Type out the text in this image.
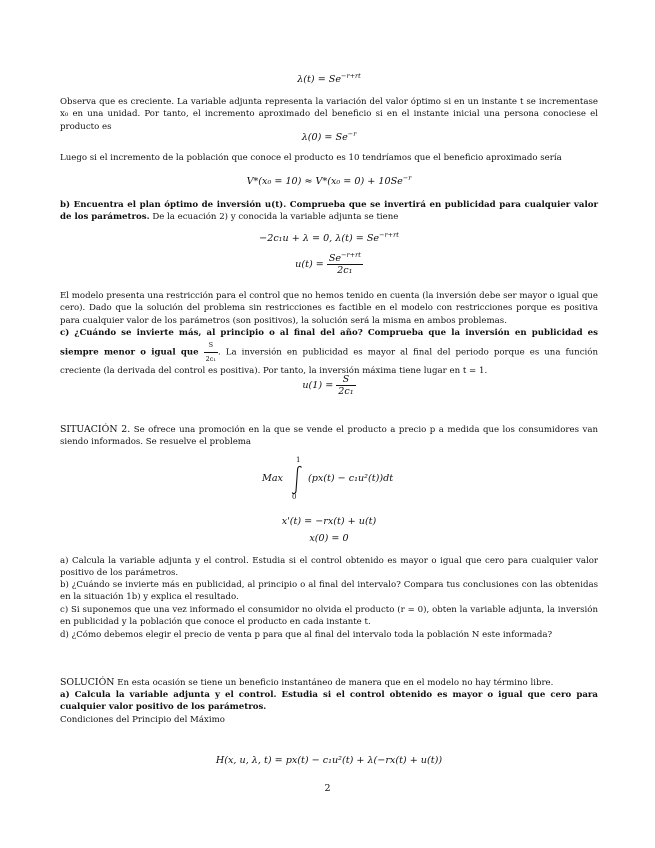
$\lambda(t) = Se^{-r+rt}$
Observa que es creciente. La variable adjunta representa la variación del valor óptimo si en un instante t se incrementase x₀ en una unidad. Por tanto, el incremento aproximado del beneficio si en el instante inicial una persona conociese el producto es
$\lambda(0) = Se^{-r}$
Luego si el incremento de la población que conoce el producto es 10 tendríamos que el beneficio aproximado sería
$V*(x_0 = 10) \approx V*(x_0 = 0) + 10Se^{-r}$
b) Encuentra el plan óptimo de inversión u(t). Comprueba que se invertirá en publicidad para cualquier valor de los parámetros. De la ecuación 2) y conocida la variable adjunta se tiene
−2c₁u + λ = 0, $\lambda(t) = Se^{-r+rt}$
$u(t) = \frac{Se^{-r+rt}}{\text{2c₁}}$
El modelo presenta una restricción para el control que no hemos tenido en cuenta (la inversión debe ser mayor o igual que cero). Dado que la solución del problema sin restricciones es factible en el modelo con restricciones porque es positiva para cualquier valor de los parámetros (son positivos), la solución será la misma en ambos problemas.
c) ¿Cuándo se invierte más, al principio o al final del año? Comprueba que la inversión en publicidad es siempre menor o igual que $\frac{S}{\text{2c₁}}$ . La inversión en publicidad es mayor al final del periodo porque es una función creciente (la derivada del control es positiva). Por tanto, la inversión máxima tiene lugar en t = 1.
$u(1) = \frac{S}{\text{2c₁}}$
SITUACIÓN 2. Se ofrece una promoción en la que se vende el producto a precio p a medida que los consumidores van siendo informados. Se resuelve el problema
Max
1
0
(px(t) − c₁u²(t))dt
x'(t) = −rx(t) + u(t)
x(0) = 0
a) Calcula la variable adjunta y el control. Estudia si el control obtenido es mayor o igual que cero para cualquier valor positivo de los parámetros.
b) ¿Cuándo se invierte más en publicidad, al principio o al final del intervalo? Compara tus conclusiones con las obtenidas en la situación 1b) y explica el resultado.
c) Si suponemos que una vez informado el consumidor no olvida el producto (r = 0), obten la variable adjunta, la inversión en publicidad y la población que conoce el producto en cada instante t.
d) ¿Cómo debemos elegir el precio de venta p para que al final del intervalo toda la población N este informada?
SOLUCIÓN En esta ocasión se tiene un beneficio instantáneo de manera que en el modelo no hay término libre.
a) Calcula la variable adjunta y el control. Estudia si el control obtenido es mayor o igual que cero para cualquier valor positivo de los parámetros.
Condiciones del Principio del Máximo
H(x, u, λ, t) = px(t) − c₁u²(t) + λ(−rx(t) + u(t))
2
